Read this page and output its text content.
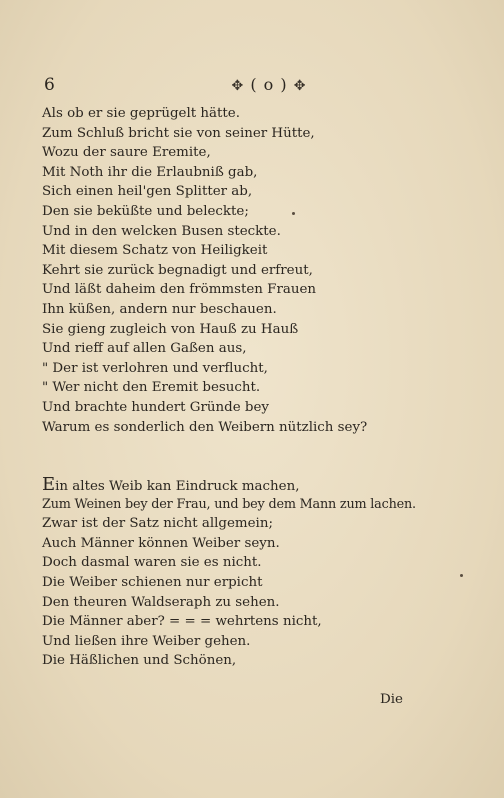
6	✥ ( o ) ✥
Als ob er sie geprügelt hätte.
Zum Schluß bricht sie von seiner Hütte,
Wozu der saure Eremite,
Mit Noth ihr die Erlaubniß gab,
Sich einen heil'gen Splitter ab,
Den sie beküßte und beleckte;
Und in den welcken Busen steckte.
Mit diesem Schatz von Heiligkeit
Kehrt sie zurück begnadigt und erfreut,
Und läßt daheim den frömmsten Frauen
Ihn küßen, andern nur beschauen.
Sie gieng zugleich von Hauß zu Hauß
Und rieff auf allen Gaßen aus,
" Der ist verlohren und verflucht,
" Wer nicht den Eremit besucht.
Und brachte hundert Gründe bey
Warum es sonderlich den Weibern nützlich sey?
Ein altes Weib kan Eindruck machen,
Zum Weinen bey der Frau, und bey dem Mann zum lachen.
Zwar ist der Satz nicht allgemein;
Auch Männer können Weiber seyn.
Doch dasmal waren sie es nicht.
Die Weiber schienen nur erpicht
Den theuren Waldseraph zu sehen.
Die Männer aber? = = = wehrtens nicht,
Und ließen ihre Weiber gehen.
Die Häßlichen und Schönen,
Die
